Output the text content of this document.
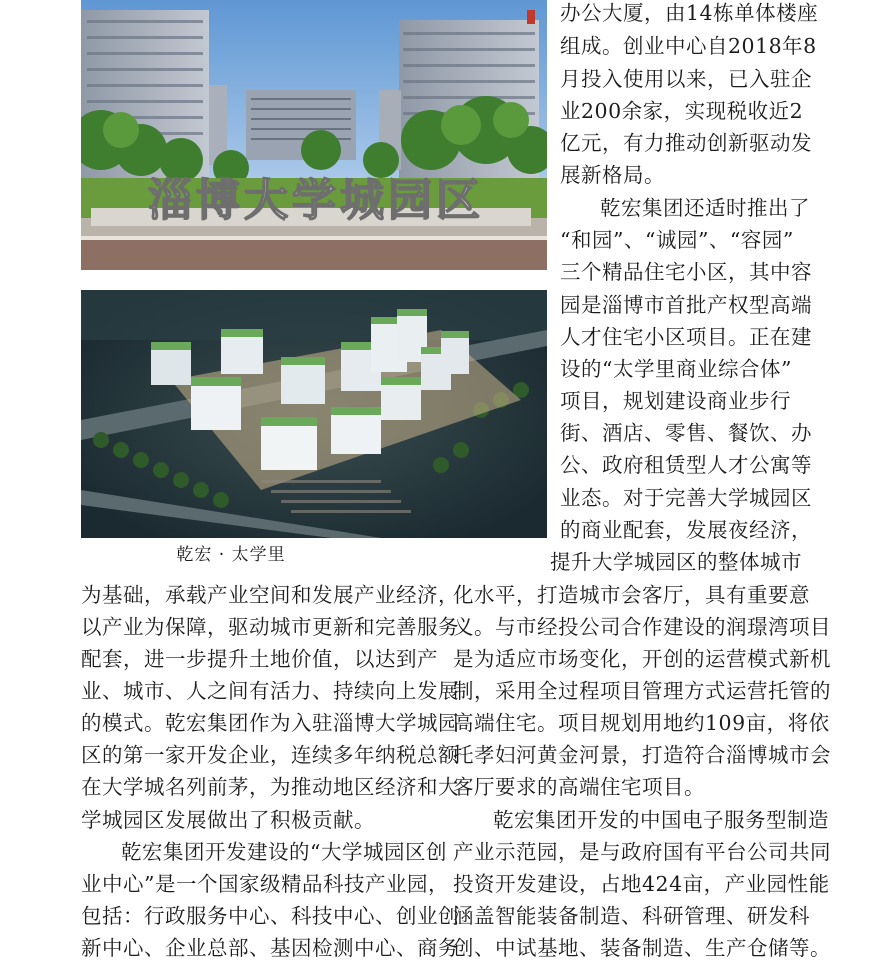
淄博大学城园区
乾宏 · 太学里
办公大厦，由14栋单体楼座
组成。创业中心自2018年8
月投入使用以来，已入驻企
业200余家，实现税收近2
亿元，有力推动创新驱动发
展新格局。
乾宏集团还适时推出了
“和园”、“诚园”、“容园”
三个精品住宅小区，其中容
园是淄博市首批产权型高端
人才住宅小区项目。正在建
设的“太学里商业综合体”
项目，规划建设商业步行
街、酒店、零售、餐饮、办
公、政府租赁型人才公寓等
业态。对于完善大学城园区
的商业配套，发展夜经济，
提升大学城园区的整体城市
化水平，打造城市会客厅，具有重要意
义。与市经投公司合作建设的润璟湾项目
是为适应市场变化，开创的运营模式新机
制，采用全过程项目管理方式运营托管的
高端住宅。项目规划用地约109亩，将依
托孝妇河黄金河景，打造符合淄博城市会
客厅要求的高端住宅项目。
乾宏集团开发的中国电子服务型制造
产业示范园，是与政府国有平台公司共同
投资开发建设，占地424亩，产业园性能
涵盖智能装备制造、科研管理、研发科
创、中试基地、装备制造、生产仓储等。
为基础，承载产业空间和发展产业经济，
以产业为保障，驱动城市更新和完善服务
配套，进一步提升土地价值，以达到产
业、城市、人之间有活力、持续向上发展
的模式。乾宏集团作为入驻淄博大学城园
区的第一家开发企业，连续多年纳税总额
在大学城名列前茅，为推动地区经济和大
学城园区发展做出了积极贡献。
乾宏集团开发建设的“大学城园区创
业中心”是一个国家级精品科技产业园，
包括：行政服务中心、科技中心、创业创
新中心、企业总部、基因检测中心、商务
